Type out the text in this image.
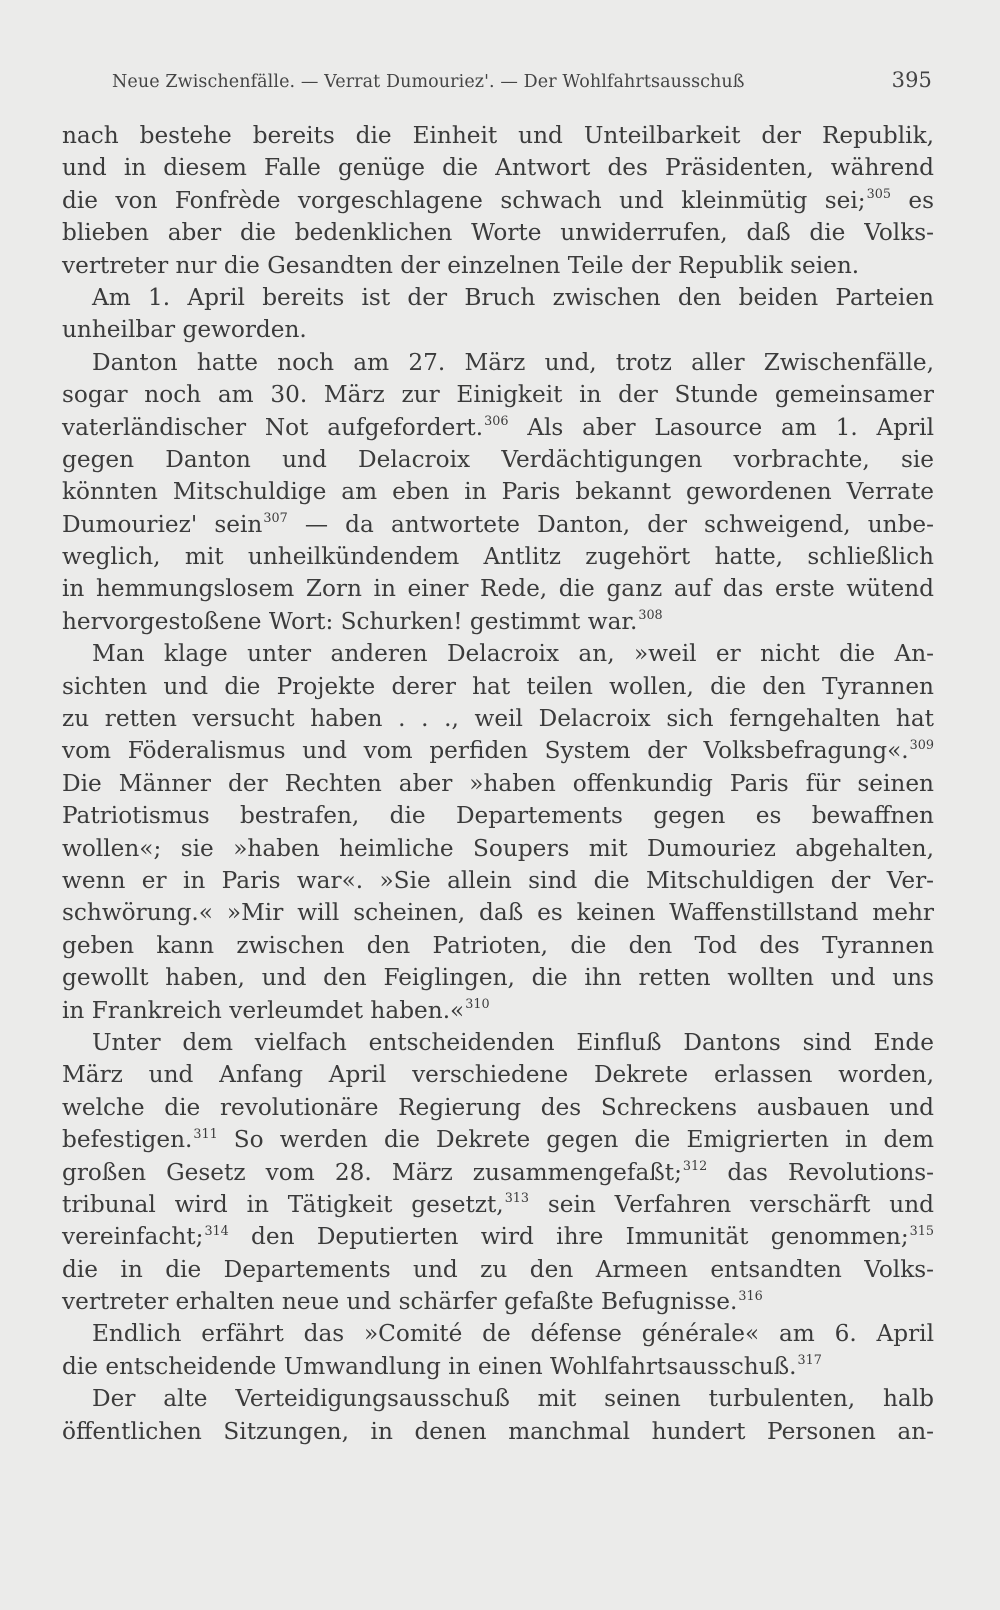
Neue Zwischenfälle. — Verrat Dumouriez'. — Der Wohlfahrtsausschuß	395
nach bestehe bereits die Einheit und Unteilbarkeit der Republik,
und in diesem Falle genüge die Antwort des Präsidenten, während
die von Fonfrède vorgeschlagene schwach und kleinmütig sei;$^{305}$ es
blieben aber die bedenklichen Worte unwiderrufen, daß die Volks-
vertreter nur die Gesandten der einzelnen Teile der Republik seien.
Am 1. April bereits ist der Bruch zwischen den beiden Parteien
unheilbar geworden.
Danton hatte noch am 27. März und, trotz aller Zwischenfälle,
sogar noch am 30. März zur Einigkeit in der Stunde gemeinsamer
vaterländischer Not aufgefordert.$^{306}$ Als aber Lasource am 1. April
gegen Danton und Delacroix Verdächtigungen vorbrachte, sie
könnten Mitschuldige am eben in Paris bekannt gewordenen Verrate
Dumouriez' sein$^{307}$ — da antwortete Danton, der schweigend, unbe-
weglich, mit unheilkündendem Antlitz zugehört hatte, schließlich
in hemmungslosem Zorn in einer Rede, die ganz auf das erste wütend
hervorgestoßene Wort: Schurken! gestimmt war.$^{308}$
Man klage unter anderen Delacroix an, »weil er nicht die An-
sichten und die Projekte derer hat teilen wollen, die den Tyrannen
zu retten versucht haben . . ., weil Delacroix sich ferngehalten hat
vom Föderalismus und vom perfiden System der Volksbefragung«.$^{309}$
Die Männer der Rechten aber »haben offenkundig Paris für seinen
Patriotismus bestrafen, die Departements gegen es bewaffnen
wollen«; sie »haben heimliche Soupers mit Dumouriez abgehalten,
wenn er in Paris war«. »Sie allein sind die Mitschuldigen der Ver-
schwörung.« »Mir will scheinen, daß es keinen Waffenstillstand mehr
geben kann zwischen den Patrioten, die den Tod des Tyrannen
gewollt haben, und den Feiglingen, die ihn retten wollten und uns
in Frankreich verleumdet haben.«$^{310}$
Unter dem vielfach entscheidenden Einfluß Dantons sind Ende
März und Anfang April verschiedene Dekrete erlassen worden,
welche die revolutionäre Regierung des Schreckens ausbauen und
befestigen.$^{311}$ So werden die Dekrete gegen die Emigrierten in dem
großen Gesetz vom 28. März zusammengefaßt;$^{312}$ das Revolutions-
tribunal wird in Tätigkeit gesetzt,$^{313}$ sein Verfahren verschärft und
vereinfacht;$^{314}$ den Deputierten wird ihre Immunität genommen;$^{315}$
die in die Departements und zu den Armeen entsandten Volks-
vertreter erhalten neue und schärfer gefaßte Befugnisse.$^{316}$
Endlich erfährt das »Comité de défense générale« am 6. April
die entscheidende Umwandlung in einen Wohlfahrtsausschuß.$^{317}$
Der alte Verteidigungsausschuß mit seinen turbulenten, halb
öffentlichen Sitzungen, in denen manchmal hundert Personen an-
